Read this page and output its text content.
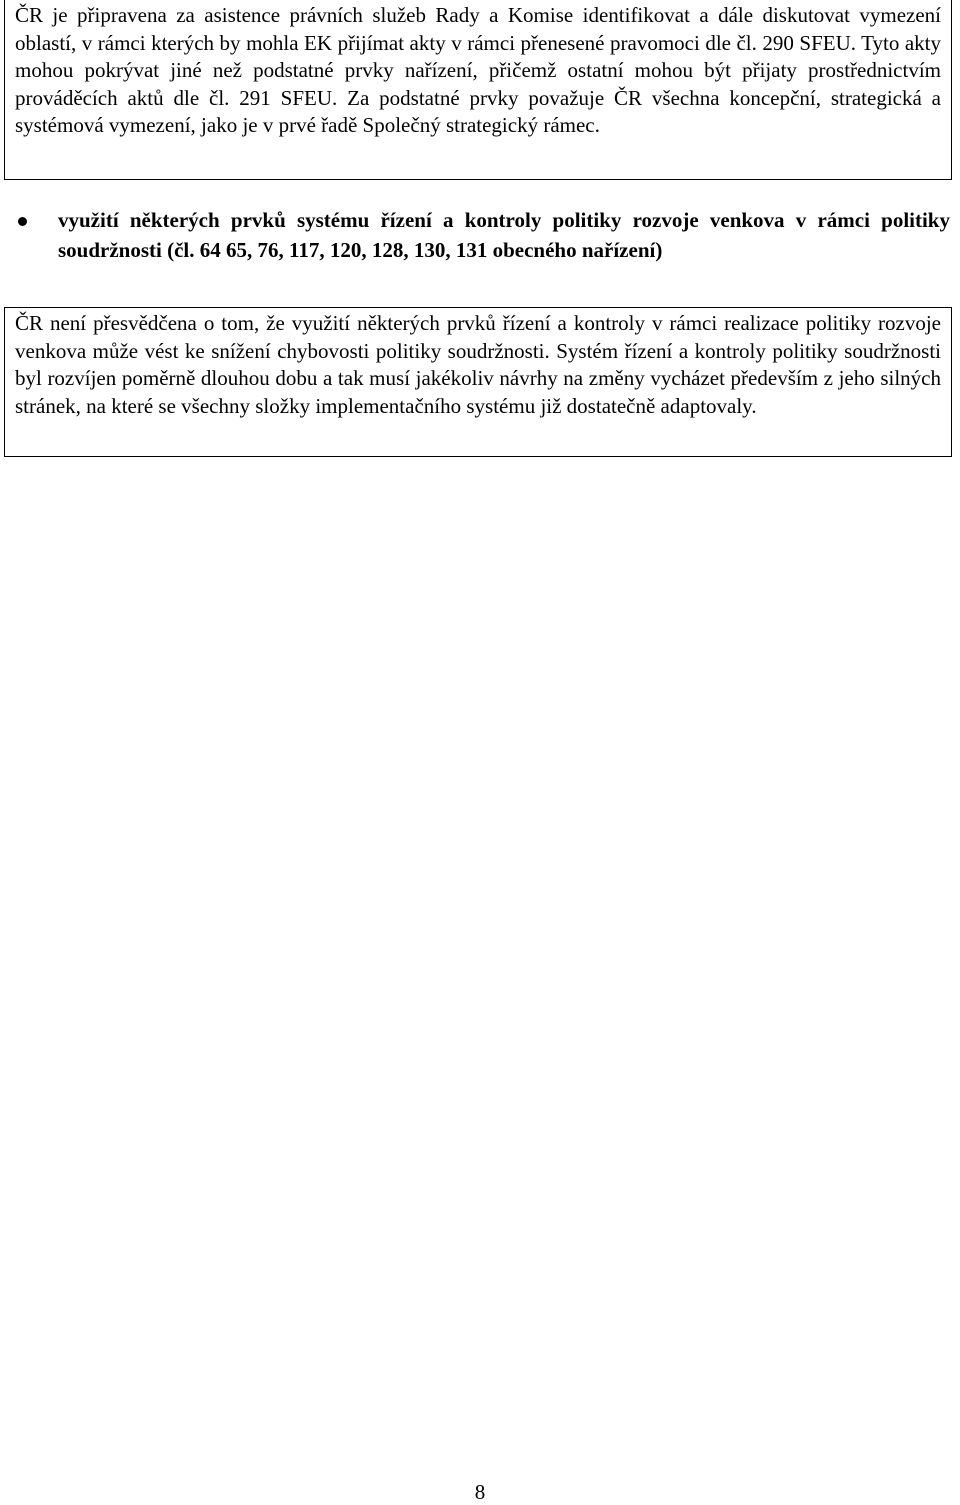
ČR je připravena za asistence právních služeb Rady a Komise identifikovat a dále diskutovat vymezení oblastí, v rámci kterých by mohla EK přijímat akty v rámci přenesené pravomoci dle čl. 290 SFEU. Tyto akty mohou pokrývat jiné než podstatné prvky nařízení, přičemž ostatní mohou být přijaty prostřednictvím prováděcích aktů dle čl. 291 SFEU. Za podstatné prvky považuje ČR všechna koncepční, strategická a systémová vymezení, jako je v prvé řadě Společný strategický rámec.

využití některých prvků systému řízení a kontroly politiky rozvoje venkova v rámci politiky soudržnosti (čl. 64 65, 76, 117, 120, 128, 130, 131 obecného nařízení)

ČR není přesvědčena o tom, že využití některých prvků řízení a kontroly v rámci realizace politiky rozvoje venkova může vést ke snížení chybovosti politiky soudržnosti. Systém řízení a kontroly politiky soudržnosti byl rozvíjen poměrně dlouhou dobu a tak musí jakékoliv návrhy na změny vycházet především z jeho silných stránek, na které se všechny složky implementačního systému již dostatečně adaptovaly.

8
